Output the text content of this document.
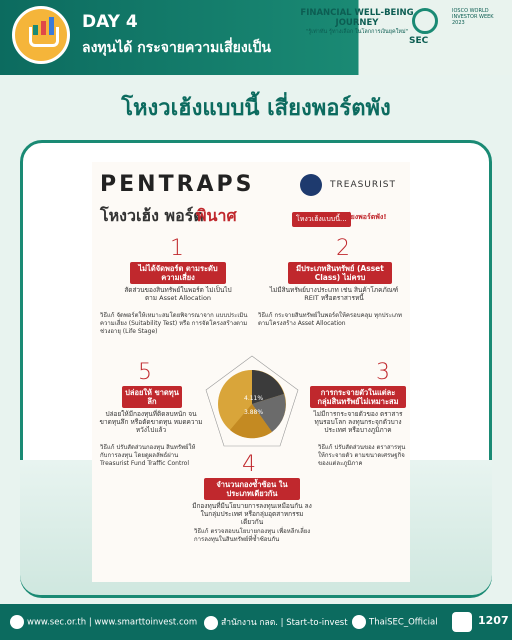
DAY 4
ลงทุนได้ กระจายความเสี่ยงเป็น
FINANCIAL WELL-BEING JOURNEY
"รู้เท่าทัน รู้ทางเลือก ในโลกการเงินยุคใหม่"
SEC
IOSCO WORLD INVESTOR WEEK 2023
โหงวเฮ้งแบบนี้ เสี่ยงพอร์ตพัง
PENTRAPS
โหงวเฮ้ง พอร์ต
พินาศ	โหงวเฮ้งแบบนี้...
เสี่ยงพอร์ตพัง!
TREASURIST
1
ไม่ได้จัดพอร์ต ตามระดับความเสี่ยง
สัดส่วนของสินทรัพย์ในพอร์ต ไม่เป็นไปตาม Asset Allocation
วิธีแก้ จัดพอร์ตให้เหมาะสมโดยพิจารณาจาก แบบประเมินความเสี่ยง (Suitability Test) หรือ การจัดโครงสร้างตามช่วงอายุ (Life Stage)
2
มีประเภทสินทรัพย์ (Asset Class) ไม่ครบ
ไม่มีสินทรัพย์บางประเภท เช่น สินค้าโภคภัณฑ์ REIT หรือตราสารหนี้
วิธีแก้ กระจายสินทรัพย์ในพอร์ตให้ครอบคลุม ทุกประเภทตามโครงสร้าง Asset Allocation
4.11%
3.88%
3
การกระจายตัวในแต่ละ กลุ่มสินทรัพย์ไม่เหมาะสม
ไม่มีการกระจายตัวของ ตราสารทุนรอบโลก ลงทุนกระจุกตัวบางประเทศ หรือบางภูมิภาค
วิธีแก้ ปรับสัดส่วนของ ตราสารทุนให้กระจายตัว ตามขนาดเศรษฐกิจ ของแต่ละภูมิภาค
5
ปล่อยให้ ขาดทุนลึก
ปล่อยให้มีกองทุนที่ติดลบหนัก จนขาดทุนลึก หรือตัดขาดทุน หมดความหวังไปแล้ว
วิธีแก้ ปรับสัดส่วนกองทุน สินทรัพย์ให้กับการลงทุน โดยดูผลลัพธ์ผ่าน Treasurist Fund Traffic Control	4
จำนวนกองซ้ำซ้อน ในประเภทเดียวกัน
มีกองทุนที่มีนโยบายการลงทุนเหมือนกัน ลงในกลุ่มประเทศ หรือกลุ่มอุตสาหกรรมเดียวกัน
วิธีแก้ ตรวจสอบนโยบายกองทุน เพื่อหลีกเลี่ยงการลงทุนในสินทรัพย์ที่ซ้ำซ้อนกัน
www.sec.or.th | www.smarttoinvest.com	สำนักงาน กลต. | Start-to-invest	ThaiSEC_Official	1207
